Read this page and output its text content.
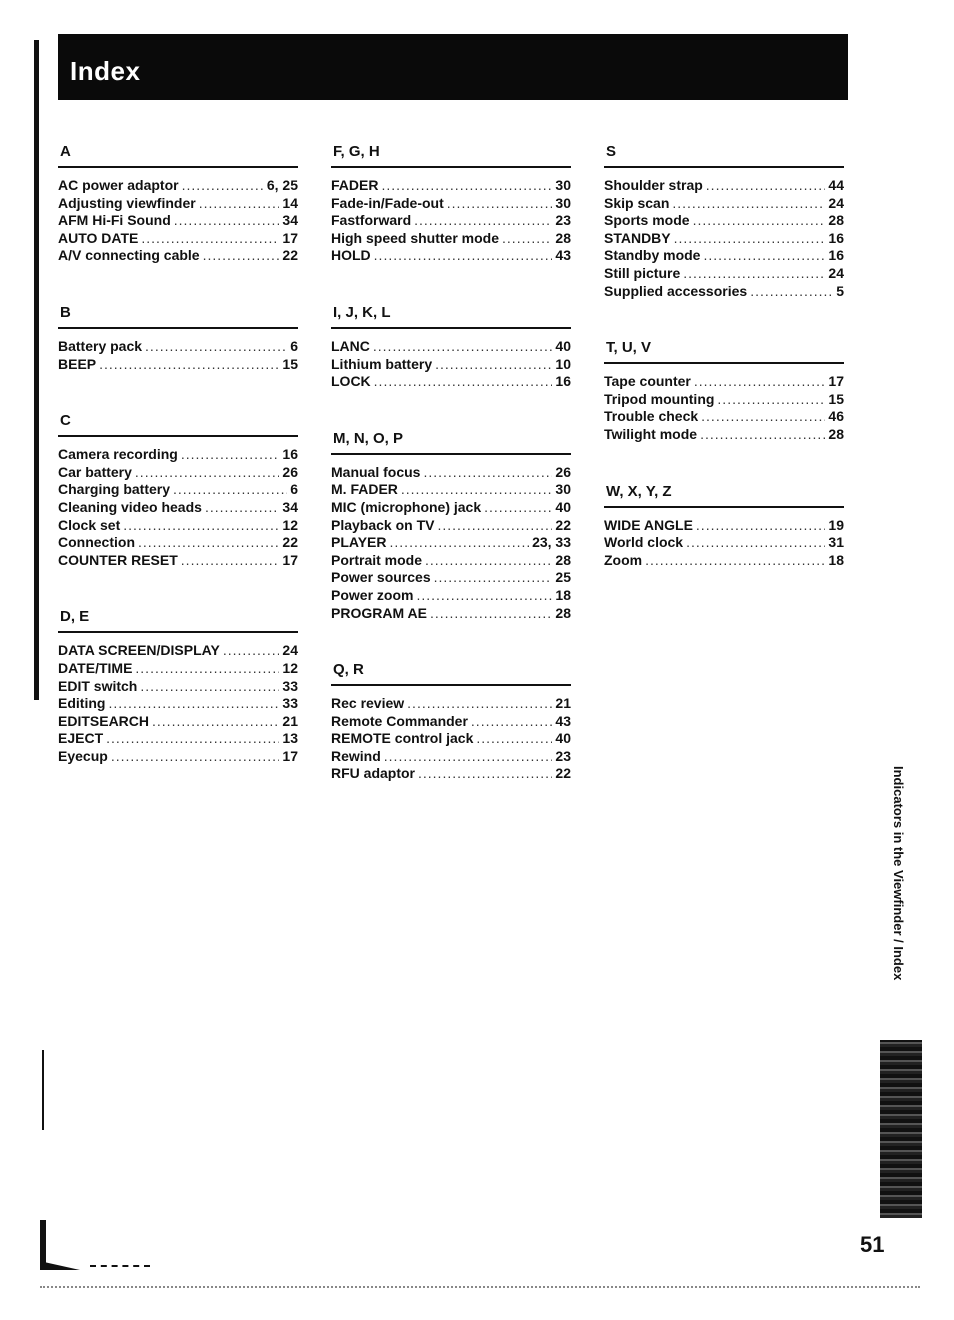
Index
A
AC power adaptor .....	6, 25
Adjusting viewfinder .....	14
AFM Hi-Fi Sound .....	34
AUTO DATE .....	17
A/V connecting cable .....	22
B
Battery pack .....	6
BEEP .....	15
C
Camera recording .....	16
Car battery .....	26
Charging battery .....	6
Cleaning video heads .....	34
Clock set .....	12
Connection .....	22
COUNTER RESET .....	17
D, E
DATA SCREEN/DISPLAY .....	24
DATE/TIME .....	12
EDIT switch .....	33
Editing .....	33
EDITSEARCH .....	21
EJECT .....	13
Eyecup .....	17
F, G, H
FADER .....	30
Fade-in/Fade-out .....	30
Fastforward .....	23
High speed shutter mode .....	28
HOLD .....	43
I, J, K, L
LANC .....	40
Lithium battery .....	10
LOCK .....	16
M, N, O, P
Manual focus .....	26
M. FADER .....	30
MIC (microphone) jack .....	40
Playback on TV .....	22
PLAYER .....	23, 33
Portrait mode .....	28
Power sources .....	25
Power zoom .....	18
PROGRAM AE .....	28
Q, R
Rec review .....	21
Remote Commander .....	43
REMOTE control jack .....	40
Rewind .....	23
RFU adaptor .....	22
S
Shoulder strap .....	44
Skip scan .....	24
Sports mode .....	28
STANDBY .....	16
Standby mode .....	16
Still picture .....	24
Supplied accessories .....	5
T, U, V
Tape counter .....	17
Tripod mounting .....	15
Trouble check .....	46
Twilight mode .....	28
W, X, Y, Z
WIDE ANGLE .....	19
World clock .....	31
Zoom .....	18
Indicators in the Viewfinder / Index
51
